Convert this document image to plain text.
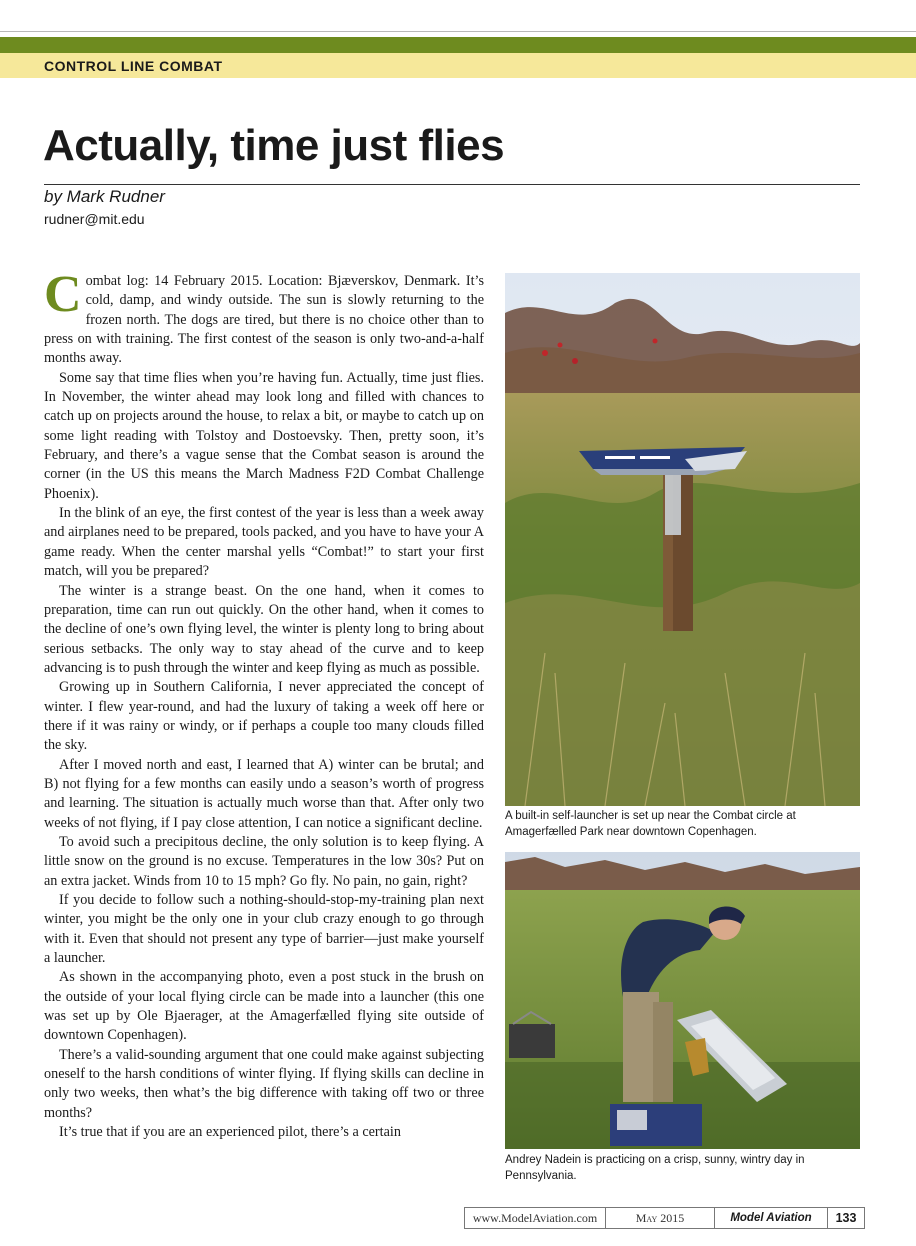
CONTROL LINE COMBAT
Actually, time just flies
by Mark Rudner
rudner@mit.edu

Combat log: 14 February 2015. Location: Bjæverskov, Denmark. It’s cold, damp, and windy outside. The sun is slowly returning to the frozen north. The dogs are tired, but there is no choice other than to press on with training. The first contest of the season is only two-and-a-half months away.

Some say that time flies when you’re having fun. Actually, time just flies. In November, the winter ahead may look long and filled with chances to catch up on projects around the house, to relax a bit, or maybe to catch up on some light reading with Tolstoy and Dostoevsky. Then, pretty soon, it’s February, and there’s a vague sense that the Combat season is around the corner (in the US this means the March Madness F2D Combat Challenge Phoenix).

In the blink of an eye, the first contest of the year is less than a week away and airplanes need to be prepared, tools packed, and you have to have your A game ready. When the center marshal yells “Combat!” to start your first match, will you be prepared?

The winter is a strange beast. On the one hand, when it comes to preparation, time can run out quickly. On the other hand, when it comes to the decline of one’s own flying level, the winter is plenty long to bring about serious setbacks. The only way to stay ahead of the curve and to keep advancing is to push through the winter and keep flying as much as possible.

Growing up in Southern California, I never appreciated the concept of winter. I flew year-round, and had the luxury of taking a week off here or there if it was rainy or windy, or if perhaps a couple too many clouds filled the sky.

After I moved north and east, I learned that A) winter can be brutal; and B) not flying for a few months can easily undo a season’s worth of progress and learning. The situation is actually much worse than that. After only two weeks of not flying, if I pay close attention, I can notice a significant decline.

To avoid such a precipitous decline, the only solution is to keep flying. A little snow on the ground is no excuse. Temperatures in the low 30s? Put on an extra jacket. Winds from 10 to 15 mph? Go fly. No pain, no gain, right?

If you decide to follow such a nothing-should-stop-my-training plan next winter, you might be the only one in your club crazy enough to go through with it. Even that should not present any type of barrier—just make yourself a launcher.

As shown in the accompanying photo, even a post stuck in the brush on the outside of your local flying circle can be made into a launcher (this one was set up by Ole Bjaerager, at the Amagerfælled flying site outside of downtown Copenhagen).

There’s a valid-sounding argument that one could make against subjecting oneself to the harsh conditions of winter flying. If flying skills can decline in only two weeks, then what’s the big difference with taking off two or three months?

It’s true that if you are an experienced pilot, there’s a certain

A built-in self-launcher is set up near the Combat circle at Amagerfælled Park near downtown Copenhagen.
Andrey Nadein is practicing on a crisp, sunny, wintry day in Pennsylvania.
www.ModelAviation.com	May 2015	Model Aviation	133
